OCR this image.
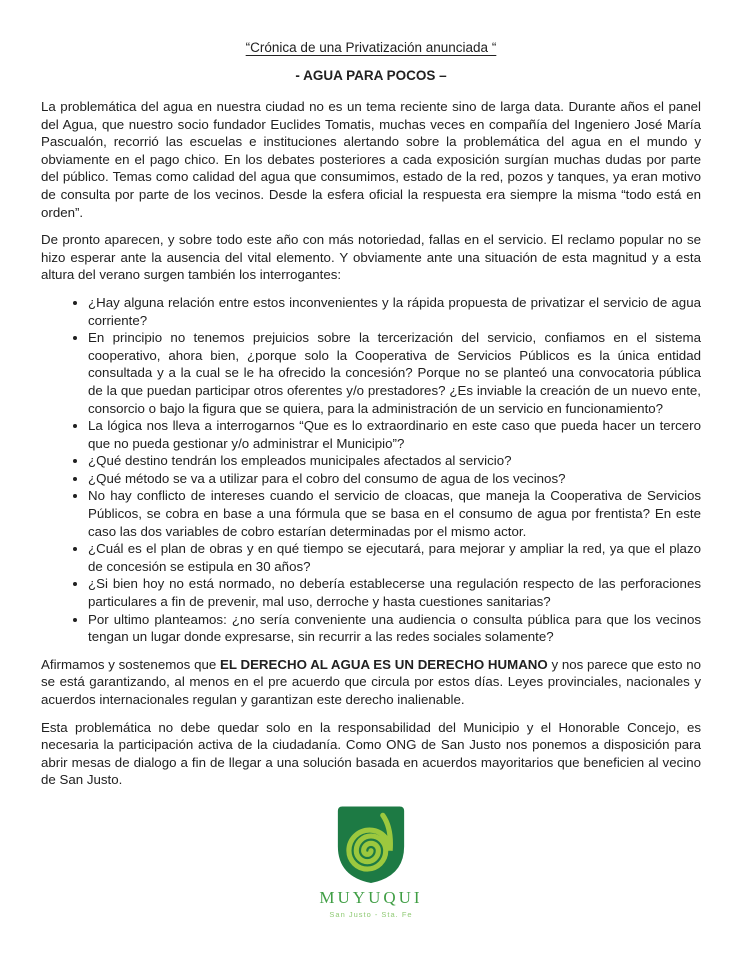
“Crónica de una Privatización anunciada “
- AGUA PARA POCOS –

La problemática del agua en nuestra ciudad no es un tema reciente sino de larga data. Durante años el panel del Agua, que nuestro socio fundador Euclides Tomatis, muchas veces en compañía del Ingeniero José María Pascualón, recorrió las escuelas e instituciones alertando sobre la problemática del agua en el mundo y obviamente en el pago chico. En los debates posteriores a cada exposición surgían muchas dudas por parte del público. Temas como calidad del agua que consumimos, estado de la red, pozos y tanques, ya eran motivo de consulta por parte de los vecinos. Desde la esfera oficial la respuesta era siempre la misma “todo está en orden”.

De pronto aparecen, y sobre todo este año con más notoriedad, fallas en el servicio. El reclamo popular no se hizo esperar ante la ausencia del vital elemento. Y obviamente ante una situación de esta magnitud y a esta altura del verano surgen también los interrogantes:

• ¿Hay alguna relación entre estos inconvenientes y la rápida propuesta de privatizar el servicio de agua corriente?
• En principio no tenemos prejuicios sobre la tercerización del servicio, confiamos en el sistema cooperativo, ahora bien, ¿porque solo la Cooperativa de Servicios Públicos es la única entidad consultada y a la cual se le ha ofrecido la concesión? Porque no se planteó una convocatoria pública de la que puedan participar otros oferentes y/o prestadores? ¿Es inviable la creación de un nuevo ente, consorcio o bajo la figura que se quiera, para la administración de un servicio en funcionamiento?
• La lógica nos lleva a interrogarnos “Que es lo extraordinario en este caso que pueda hacer un tercero que no pueda gestionar y/o administrar el Municipio”?
• ¿Qué destino tendrán los empleados municipales afectados al servicio?
• ¿Qué método se va a utilizar para el cobro del consumo de agua de los vecinos?
• No hay conflicto de intereses cuando el servicio de cloacas, que maneja la Cooperativa de Servicios Públicos, se cobra en base a una fórmula que se basa en el consumo de agua por frentista? En este caso las dos variables de cobro estarían determinadas por el mismo actor.
• ¿Cuál es el plan de obras y en qué tiempo se ejecutará, para mejorar y ampliar la red, ya que el plazo de concesión se estipula en 30 años?
• ¿Si bien hoy no está normado, no debería establecerse una regulación respecto de las perforaciones particulares a fin de prevenir, mal uso, derroche y hasta cuestiones sanitarias?
• Por ultimo planteamos: ¿no sería conveniente una audiencia o consulta pública para que los vecinos tengan un lugar donde expresarse, sin recurrir a las redes sociales solamente?

Afirmamos y sostenemos que EL DERECHO AL AGUA ES UN DERECHO HUMANO y nos parece que esto no se está garantizando, al menos en el pre acuerdo que circula por estos días. Leyes provinciales, nacionales y acuerdos internacionales regulan y garantizan este derecho inalienable.

Esta problemática no debe quedar solo en la responsabilidad del Municipio y el Honorable Concejo, es necesaria la participación activa de la ciudadanía. Como ONG de San Justo nos ponemos a disposición para abrir mesas de dialogo a fin de llegar a una solución basada en acuerdos mayoritarios que beneficien al vecino de San Justo.

MUYUQUI
San Justo - Sta. Fe
